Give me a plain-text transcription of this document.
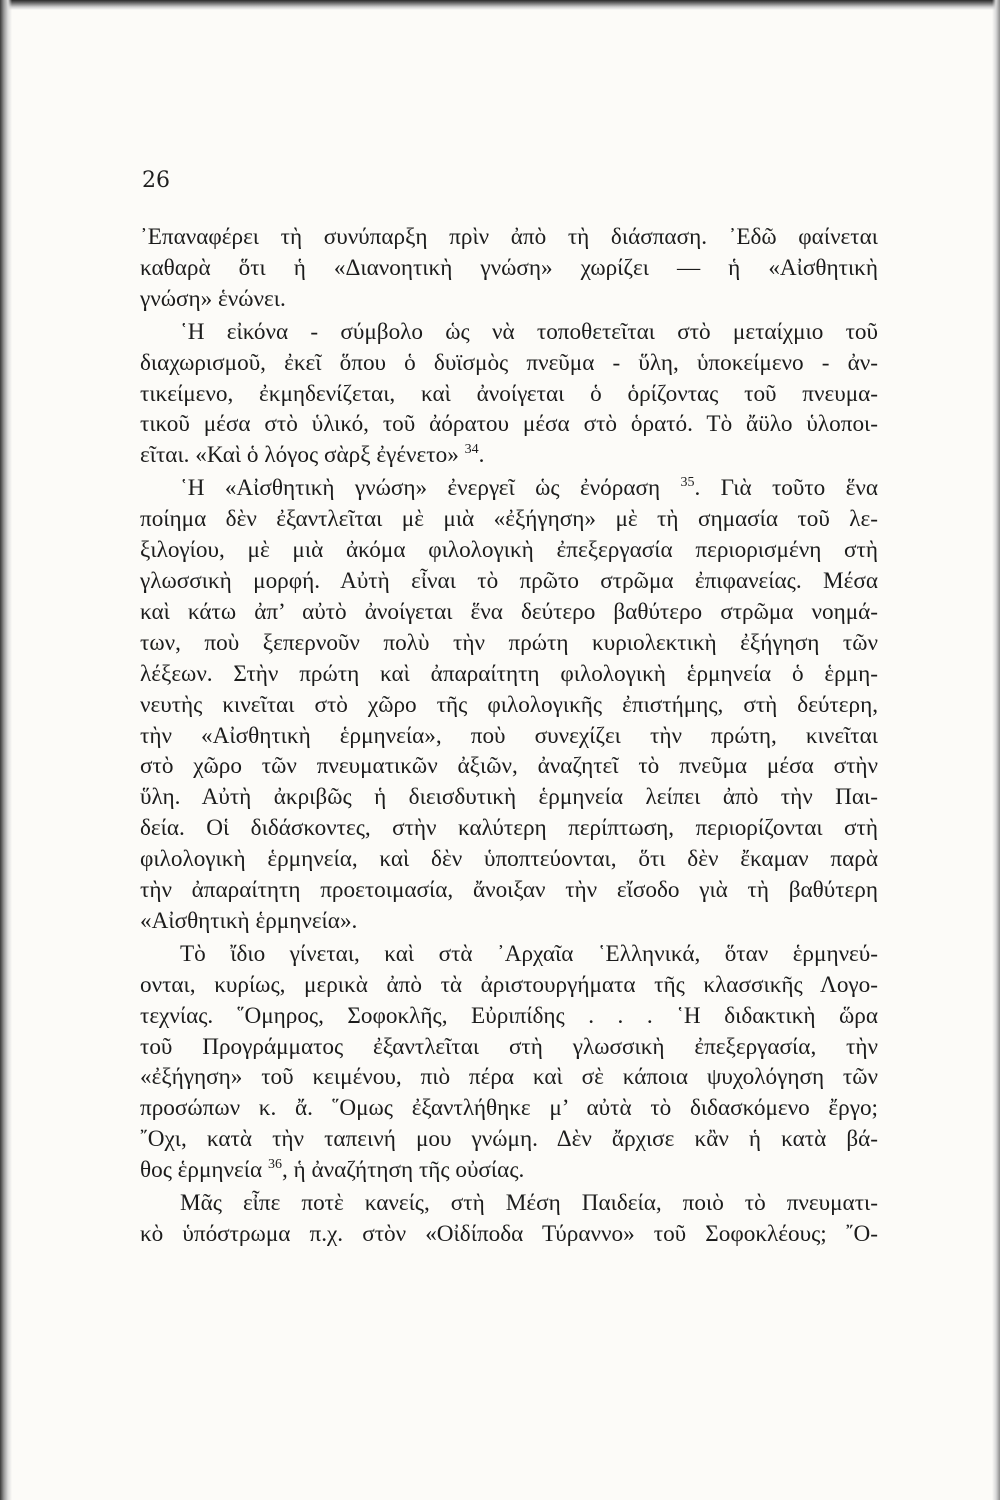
26

᾿Επαναφέρει τὴ συνύπαρξη πρὶν ἀπὸ τὴ διάσπαση. ᾿Εδῶ φαίνεται
καθαρὰ ὅτι ἡ «Διανοητικὴ γνώση» χωρίζει — ἡ «Αἰσθητικὴ
γνώση» ἑνώνει.
῾Η εἰκόνα - σύμβολο ὡς νὰ τοποθετεῖται στὸ μεταίχμιο τοῦ
διαχωρισμοῦ, ἐκεῖ ὅπου ὁ δυϊσμὸς πνεῦμα - ὕλη, ὑποκείμενο - ἀν-
τικείμενο, ἐκμηδενίζεται, καὶ ἀνοίγεται ὁ ὁρίζοντας τοῦ πνευμα-
τικοῦ μέσα στὸ ὑλικό, τοῦ ἀόρατου μέσα στὸ ὁρατό. Τὸ ἄϋλο ὑλοποι-
εῖται. «Καὶ ὁ λόγος σὰρξ ἐγένετο» $^{34}$.
῾Η «Αἰσθητικὴ γνώση» ἐνεργεῖ ὡς ἐνόραση $^{35}$. Γιὰ τοῦτο ἕνα
ποίημα δὲν ἐξαντλεῖται μὲ μιὰ «ἐξήγηση» μὲ τὴ σημασία τοῦ λε-
ξιλογίου, μὲ μιὰ ἀκόμα φιλολογικὴ ἐπεξεργασία περιορισμένη στὴ
γλωσσικὴ μορφή. Αὐτὴ εἶναι τὸ πρῶτο στρῶμα ἐπιφανείας. Μέσα
καὶ κάτω ἀπ’ αὐτὸ ἀνοίγεται ἕνα δεύτερο βαθύτερο στρῶμα νοημά-
των, ποὺ ξεπερνοῦν πολὺ τὴν πρώτη κυριολεκτικὴ ἐξήγηση τῶν
λέξεων. Στὴν πρώτη καὶ ἀπαραίτητη φιλολογικὴ ἑρμηνεία ὁ ἑρμη-
νευτὴς κινεῖται στὸ χῶρο τῆς φιλολογικῆς ἐπιστήμης, στὴ δεύτερη,
τὴν «Αἰσθητικὴ ἑρμηνεία», ποὺ συνεχίζει τὴν πρώτη, κινεῖται
στὸ χῶρο τῶν πνευματικῶν ἀξιῶν, ἀναζητεῖ τὸ πνεῦμα μέσα στὴν
ὕλη. Αὐτὴ ἀκριβῶς ἡ διεισδυτικὴ ἑρμηνεία λείπει ἀπὸ τὴν Παι-
δεία. Οἱ διδάσκοντες, στὴν καλύτερη περίπτωση, περιορίζονται στὴ
φιλολογικὴ ἑρμηνεία, καὶ δὲν ὑποπτεύονται, ὅτι δὲν ἔκαμαν παρὰ
τὴν ἀπαραίτητη προετοιμασία, ἄνοιξαν τὴν εἴσοδο γιὰ τὴ βαθύτερη
«Αἰσθητικὴ ἑρμηνεία».
Τὸ ἴδιο γίνεται, καὶ στὰ ᾿Αρχαῖα ῾Ελληνικά, ὅταν ἑρμηνεύ-
ονται, κυρίως, μερικὰ ἀπὸ τὰ ἀριστουργήματα τῆς κλασσικῆς Λογο-
τεχνίας. ῞Ομηρος, Σοφοκλῆς, Εὐριπίδης . . . ῾Η διδακτικὴ ὥρα
τοῦ Προγράμματος ἐξαντλεῖται στὴ γλωσσικὴ ἐπεξεργασία, τὴν
«ἐξήγηση» τοῦ κειμένου, πιὸ πέρα καὶ σὲ κάποια ψυχολόγηση τῶν
προσώπων κ. ἄ. ῞Ομως ἐξαντλήθηκε μ’ αὐτὰ τὸ διδασκόμενο ἔργο;
῎Οχι, κατὰ τὴν ταπεινή μου γνώμη. Δὲν ἄρχισε κἂν ἡ κατὰ βά-
θος ἑρμηνεία $^{36}$, ἡ ἀναζήτηση τῆς οὐσίας.
Μᾶς εἶπε ποτὲ κανείς, στὴ Μέση Παιδεία, ποιὸ τὸ πνευματι-
κὸ ὑπόστρωμα π.χ. στὸν «Οἰδίποδα Τύραννο» τοῦ Σοφοκλέους; ῎Ο-
